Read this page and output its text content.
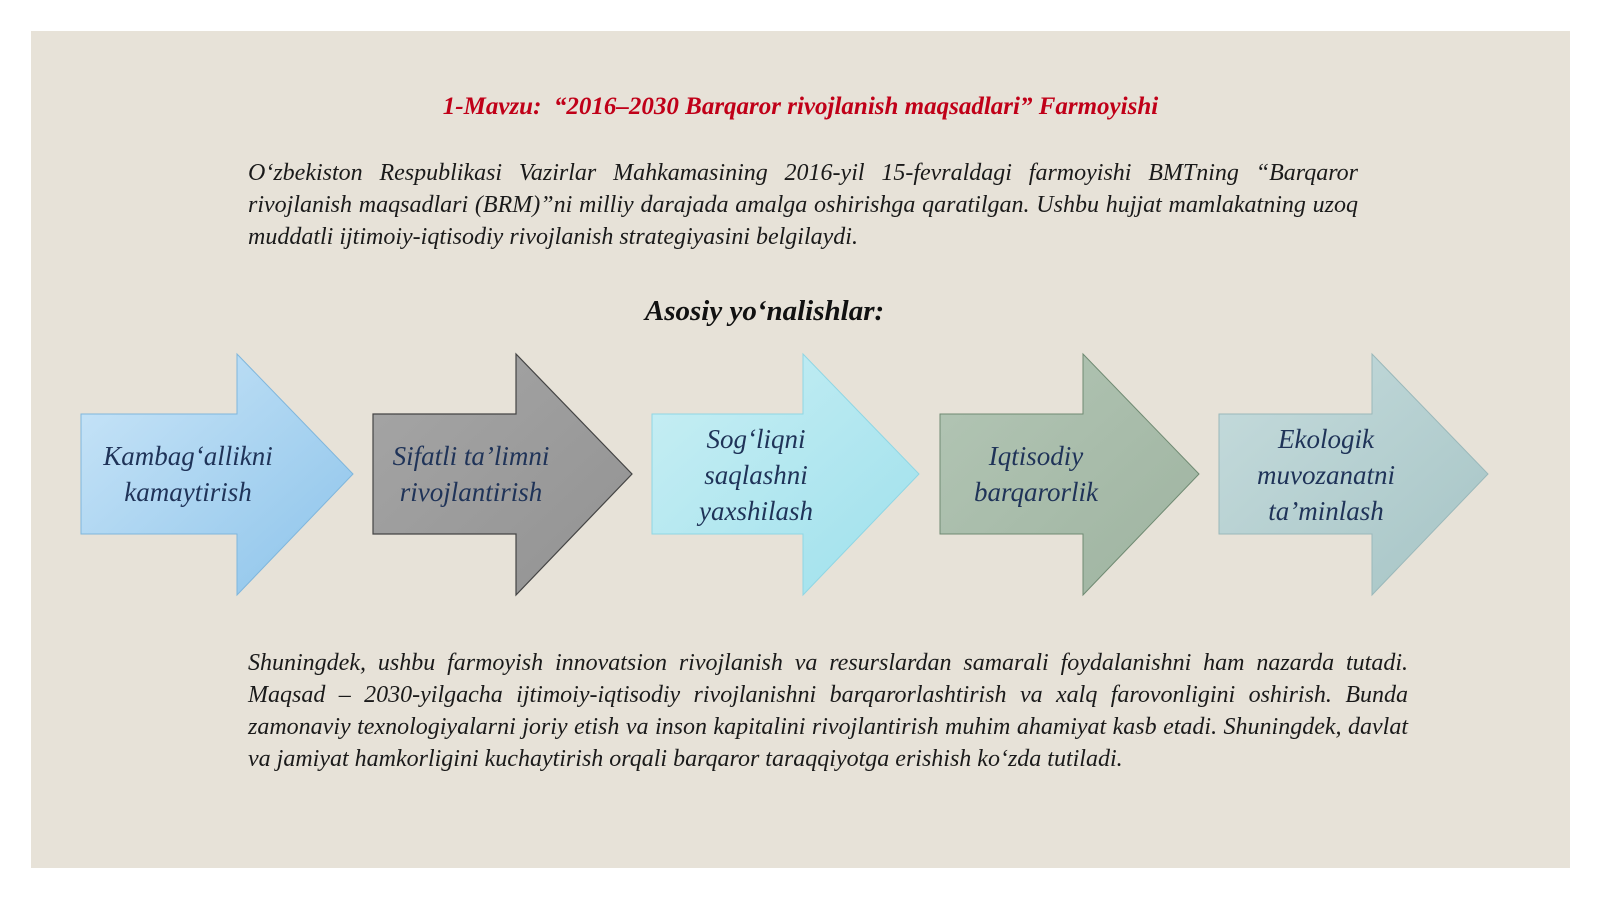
1-Mavzu:  “2016–2030 Barqaror rivojlanish maqsadlari” Farmoyishi
O‘zbekiston Respublikasi Vazirlar Mahkamasining 2016-yil 15-fevraldagi farmoyishi BMTning “Barqaror rivojlanish maqsadlari (BRM)”ni milliy darajada amalga oshirishga qaratilgan. Ushbu hujjat mamlakatning uzoq muddatli ijtimoiy-iqtisodiy rivojlanish strategiyasini belgilaydi.
Asosiy yo‘nalishlar:
Kambag‘allikni kamaytirish
Sifatli ta’limni rivojlantirish
Sog‘liqni saqlashni yaxshilash
Iqtisodiy barqarorlik
Ekologik muvozanatni ta’minlash
Shuningdek, ushbu farmoyish innovatsion rivojlanish va resurslardan samarali foydalanishni ham nazarda tutadi. Maqsad – 2030-yilgacha ijtimoiy-iqtisodiy rivojlanishni barqarorlashtirish va xalq farovonligini oshirish. Bunda zamonaviy texnologiyalarni joriy etish va inson kapitalini rivojlantirish muhim ahamiyat kasb etadi. Shuningdek, davlat va jamiyat hamkorligini kuchaytirish orqali barqaror taraqqiyotga erishish ko‘zda tutiladi.
